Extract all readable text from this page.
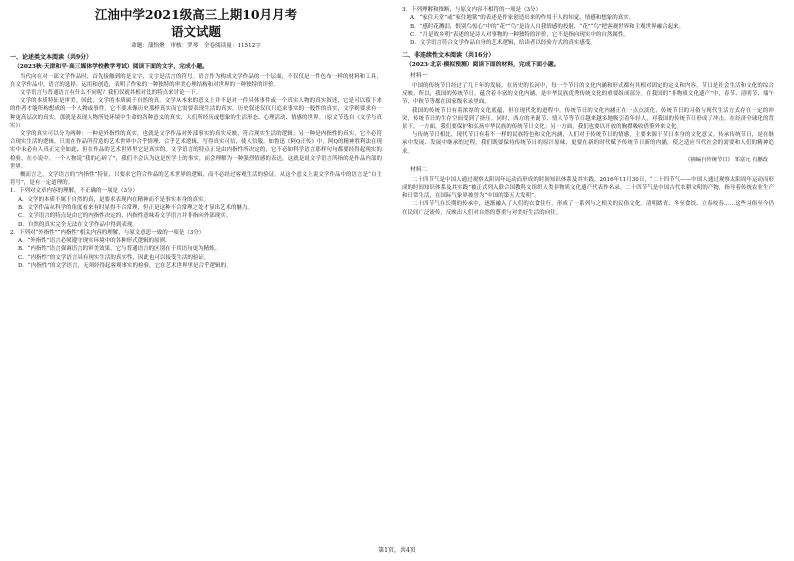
江油中学2021级高三上期10月月考
语文试题
命题：蒲怡聚　审核：罗琴　全卷阅读量：11512字
一、论述类文本阅读（共9分）
（2023秋·天津和平·高三媒体学校教学考试）阅读下面的文字，完成小题。

当代向在对一部文学作品时，首先接触到的是文字，文字是活言的符号。语言作为构成文学作品的一个层面，不仅仅是一件色布一样的材料和工具，在文学作品中，语言的选择、运用和创造，表明了作家的一种独特的审美心理结构和对世界的一种独特的评价。

文学语言与普通语言有什么不同呢？我们仅就其相对比的特点来讨论一下。

文学的本质特征是审美。因此，文学的本质属于自然的真。文学从本来的意义上并不是对一件具体事件或一个真实人物的真实叙述，它是可以留下来的作者才能所构想成的一个人物或事件。它不要求像历史那样真实而它需要表现生活的真实，历史叙述仅仅只追求事实的一般性的真实，文学则要求有一种更高层次的真实，那就是表现人物所处环境中生命的各种意义的真实，人们所经历或想象的生活形态、心理活动、情感的世界。（原文节选自《文学与真实》）

文学的真实可以分为两种：一种是外指性的真实，也就是文学作品对外部事实的真实反映，符合现实生活的逻辑；另一种是内指性的真实，它不必符合现实生活的逻辑，只需在作品所营造的艺术世界中合乎情理、合乎艺术逻辑，写得真实可信，使人信服。如鲁迅《阿Q正传》中，阿Q的精神胜利法在现实中未必有人真正完全如此，但在作品的艺术世界里它是真实的。文学语言的特点正是由内指性所决定的，它不必如科学语言那样句句都要经得起现实的检验。在小说中，一个人物说“我的心碎了”，我们不会认为这是医学上的事实，而会理解为一种强烈情感的表达。这就是说文学语言所指的是作品内部的世界。

概而言之，文学语言的“内指性”特征，只要求它符合作品的艺术世界的逻辑，而不必经过客观生活的验证。从这个意义上说文学作品中的语言是“自主符号”，是有一定道理的。

1．下列对文章内容的理解，不正确的一项是（3分）
A．文学的本质不属于自然的真，是要求表现内在精神而不是事实本身的真实。
B．文学作品从科学的角度看来有时显得不合常理，但正是这种不合常理之处才显出艺术的魅力。
C．文学语言的特点是由它的内指性决定的，内指性意味着文学语言并非指向外部现实。
D．自然的真实完全无法在文学作品中得到表现。
2．下列对“外指性”“内指性”相关内容的理解，与原文意思一致的一项是（3分）
A．“外指性”语言必须遵守现实环境中的各种形式逻辑的原则。
B．“内指性”语言强调语言的审美效果，它与普通语言的区别在于其语句更为精炼。
C．“内指性”的文学语言具有现实生活的真实性，因此也可以接受生活的验证。
D．“内指性”的文学语言，无须经得起客观事实的检验，它在艺术世界里是合乎逻辑的。
3．下列理解和推断，与原文内容不相符的一项是（3分）
A．“家住天堂”或“家住地狱”的表述是作家创造出来的作用于人的知觉、情感和想象的真实。
B．“感时花溅泪，恨别鸟惊心”中的“花”“鸟”是诗人自我情感的投射，“花”“鸟”把客观世界和主观世界融合起来。
C．“月是故乡明”表述的是诗人对事物的一种独特的评价，它不是指向现实中的自然属性。
D．文学语言符合文学作品自身的艺术逻辑，给读者以经验方式的真实感受。
二、非连续性文本阅读（共16分）
（2023·北京·模拟预测）阅读下面的材料，完成下面小题。
材料一

中国的传统节日经过了几千年的发展，在历史的长河中，每一个节日的文化内涵和形式都有其相对固定的定义和内容。节日是社会生活和文化的综合反映。所以，我国的传统节日，蕴含着丰富的文化内涵，是中华民族优秀传统文化的重要组成部分。在我国的“非物质文化遗产”中，春节、清明节、端午节、中秋节等都在国家级名录里面。

我国的传统节日有着浓厚的文化底蕴，但在现代化的进程中，传统节日的文化内涵正在一点点淡化，传统节日的习俗与现代生活方式存在一定的冲突，传统节日的生存空间受到了挤压。同时，西方的圣诞节、情人节等节日越来越多地吸引着年轻人，对我国的传统节日形成了冲击。在经济全球化的背景下，一方面，我们要保护和弘扬中华民族的传统节日文化；另一方面，我们也要以开放的胸襟吸收借鉴外来文化。

与传统节日相比，现代节日有着不一样的民族特色和文化内涵，人们对于传统节日的情感，主要来源于节日本身的文化意义。传承传统节日，是在继承中发展、发展中继承的过程，我们既要保持传统节日的原汁原味，更要在新的时代赋予传统节日新的内涵，使之适应当代社会的需要和人们的精神追求。

《摘编自传统节日》 邹富元 有删改
材料二

二十四节气是中国人通过观察太阳周年运动而形成的时间知识体系及其实践。2016年11月30日，“二十四节气——中国人通过观察太阳周年运动而形成的时间知识体系及其实践”被正式列入联合国教科文组织人类非物质文化遗产代表作名录。二十四节气是中国古代农耕文明的产物，指导着传统农业生产和日常生活，在国际气象界被誉为“中国的第五大发明”。

二十四节气在长期的传承中，逐渐融入了人们的衣食住行，形成了一系列与之相关的民俗文化。清明踏青、冬至食饺、立春咬春……这些习俗至今仍在民间广泛流传，反映出人们对自然的尊重与对美好生活的向往。

第1页，共4页
